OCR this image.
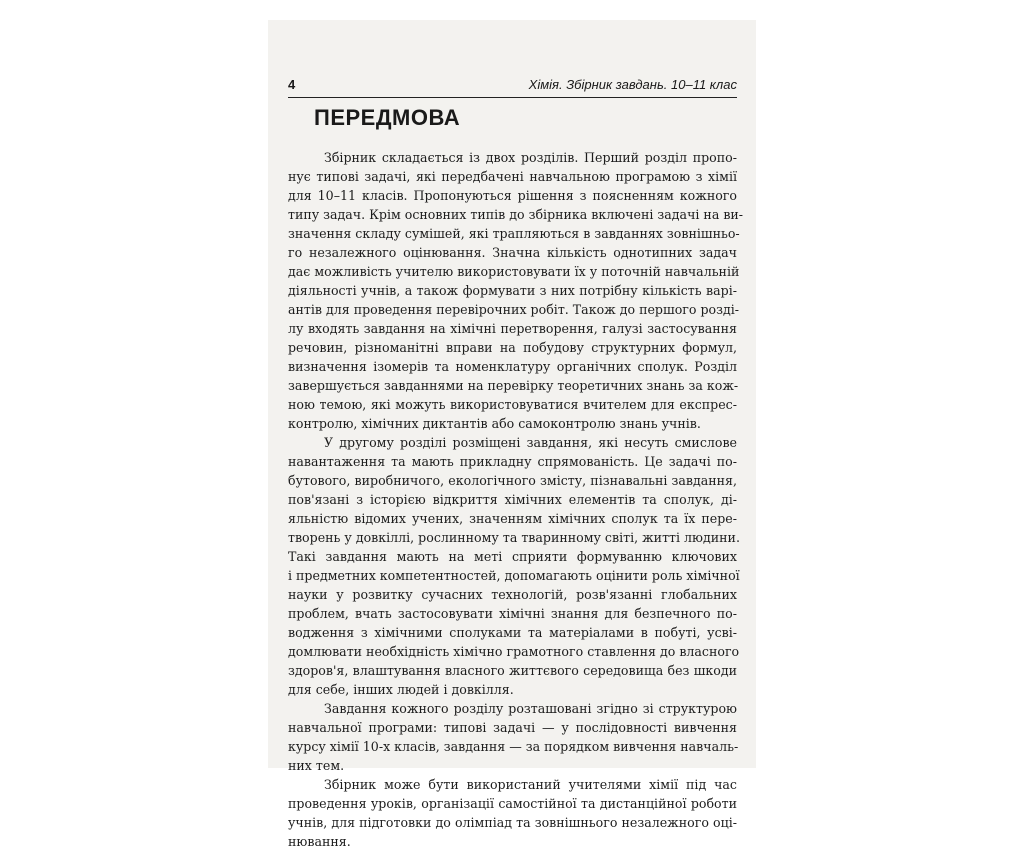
4	Хімія. Збірник завдань. 10–11 клас
ПЕРЕДМОВА
Збірник складається із двох розділів. Перший розділ пропо-
нує типові задачі, які передбачені навчальною програмою з хімії
для 10–11 класів. Пропонуються рішення з поясненням кожного
типу задач. Крім основних типів до збірника включені задачі на ви-
значення складу сумішей, які трапляються в завданнях зовнішньо-
го незалежного оцінювання. Значна кількість однотипних задач
дає можливість учителю використовувати їх у поточній навчальній
діяльності учнів, а також формувати з них потрібну кількість варі-
антів для проведення перевірочних робіт. Також до першого розді-
лу входять завдання на хімічні перетворення, галузі застосування
речовин, різноманітні вправи на побудову структурних формул,
визначення ізомерів та номенклатуру органічних сполук. Розділ
завершується завданнями на перевірку теоретичних знань за кож-
ною темою, які можуть використовуватися вчителем для експрес-
контролю, хімічних диктантів або самоконтролю знань учнів.
У другому розділі розміщені завдання, які несуть смислове
навантаження та мають прикладну спрямованість. Це задачі по-
бутового, виробничого, екологічного змісту, пізнавальні завдання,
пов'язані з історією відкриття хімічних елементів та сполук, ді-
яльністю відомих учених, значенням хімічних сполук та їх пере-
творень у довкіллі, рослинному та тваринному світі, житті людини.
Такі завдання мають на меті сприяти формуванню ключових
і предметних компетентностей, допомагають оцінити роль хімічної
науки у розвитку сучасних технологій, розв'язанні глобальних
проблем, вчать застосовувати хімічні знання для безпечного по-
водження з хімічними сполуками та матеріалами в побуті, усві-
домлювати необхідність хімічно грамотного ставлення до власного
здоров'я, влаштування власного життєвого середовища без шкоди
для себе, інших людей і довкілля.
Завдання кожного розділу розташовані згідно зі структурою
навчальної програми: типові задачі — у послідовності вивчення
курсу хімії 10-х класів, завдання — за порядком вивчення навчаль-
них тем.
Збірник може бути використаний учителями хімії під час
проведення уроків, організації самостійної та дистанційної роботи
учнів, для підготовки до олімпіад та зовнішнього незалежного оці-
нювання.
